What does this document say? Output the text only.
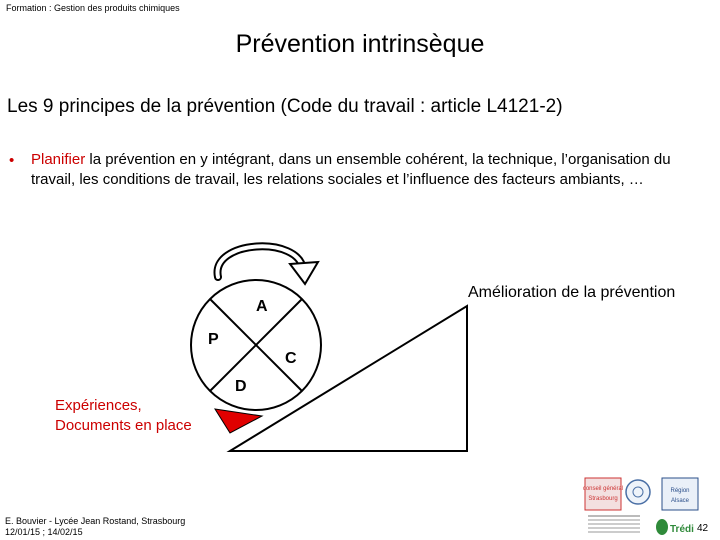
Formation : Gestion des produits chimiques
Prévention intrinsèque
Les 9 principes de la prévention (Code du travail : article L4121-2)
• Planifier la prévention en y intégrant, dans un ensemble cohérent, la technique, l’organisation du travail, les conditions de travail, les relations sociales et l’influence des facteurs ambiants, …
A
P
C
D
Amélioration de la prévention
Expériences,
Documents en place
E. Bouvier - Lycée Jean Rostand, Strasbourg
12/01/15 ; 14/02/15
conseil général
Strasbourg
Région
Alsace
Trédi 42
